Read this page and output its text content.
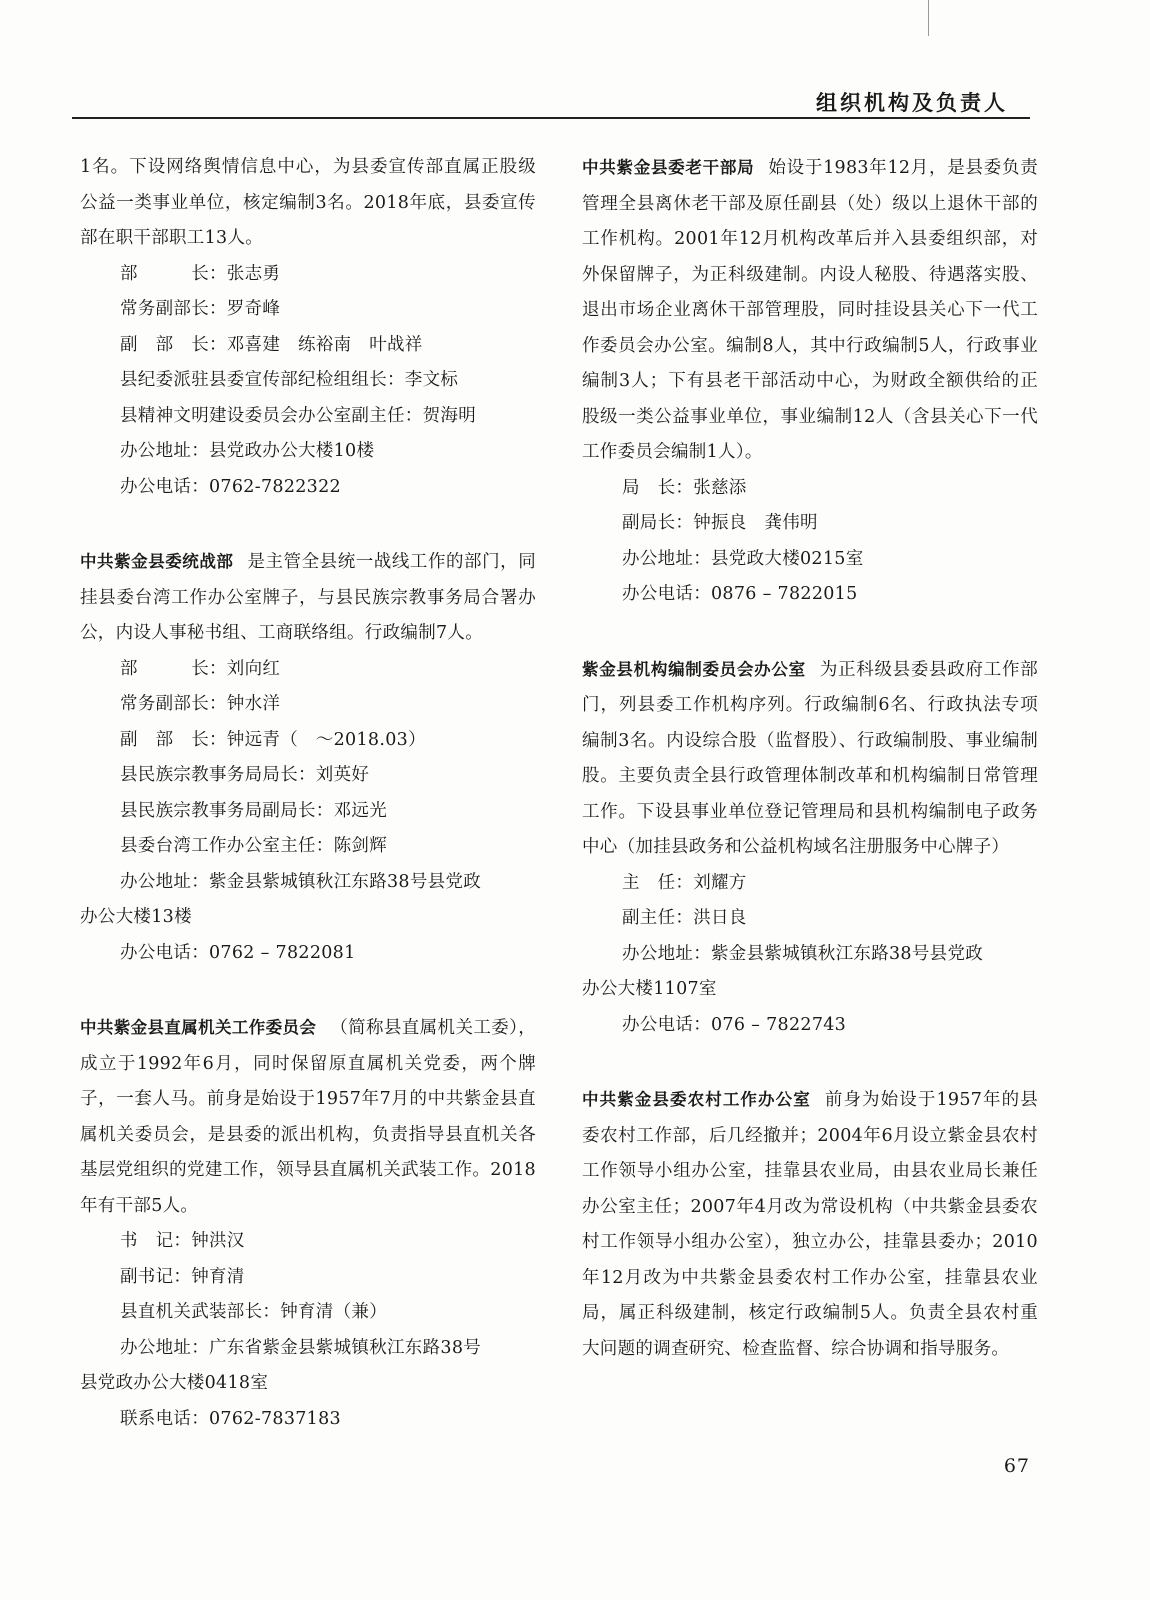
组织机构及负责人

1名。下设网络舆情信息中心，为县委宣传部直属正股级公益一类事业单位，核定编制3名。2018年底，县委宣传部在职干部职工13人。

部　　　长：张志勇

常务副部长：罗奇峰

副　部　长：邓喜建　练裕南　叶战祥

县纪委派驻县委宣传部纪检组组长：李文标

县精神文明建设委员会办公室副主任：贺海明

办公地址：县党政办公大楼10楼

办公电话：0762-7822322

中共紫金县委统战部 是主管全县统一战线工作的部门，同挂县委台湾工作办公室牌子，与县民族宗教事务局合署办公，内设人事秘书组、工商联络组。行政编制7人。

部　　　长：刘向红

常务副部长：钟水洋

副　部　长：钟远青（　～2018.03）

县民族宗教事务局局长：刘英好

县民族宗教事务局副局长：邓远光

县委台湾工作办公室主任：陈剑辉

办公地址：紫金县紫城镇秋江东路38号县党政

办公大楼13楼

办公电话：0762 – 7822081

中共紫金县直属机关工作委员会 （简称县直属机关工委），成立于1992年6月，同时保留原直属机关党委，两个牌子，一套人马。前身是始设于1957年7月的中共紫金县直属机关委员会，是县委的派出机构，负责指导县直机关各基层党组织的党建工作，领导县直属机关武装工作。2018年有干部5人。

书　记：钟洪汉

副书记：钟育清

县直机关武装部长：钟育清（兼）

办公地址：广东省紫金县紫城镇秋江东路38号

县党政办公大楼0418室

联系电话：0762-7837183

中共紫金县委老干部局 始设于1983年12月，是县委负责管理全县离休老干部及原任副县（处）级以上退休干部的工作机构。2001年12月机构改革后并入县委组织部，对外保留牌子，为正科级建制。内设人秘股、待遇落实股、退出市场企业离休干部管理股，同时挂设县关心下一代工作委员会办公室。编制8人，其中行政编制5人，行政事业编制3人；下有县老干部活动中心，为财政全额供给的正股级一类公益事业单位，事业编制12人（含县关心下一代工作委员会编制1人）。

局　长：张慈添

副局长：钟振良　龚伟明

办公地址：县党政大楼0215室

办公电话：0876 – 7822015

紫金县机构编制委员会办公室 为正科级县委县政府工作部门，列县委工作机构序列。行政编制6名、行政执法专项编制3名。内设综合股（监督股）、行政编制股、事业编制股。主要负责全县行政管理体制改革和机构编制日常管理工作。下设县事业单位登记管理局和县机构编制电子政务中心（加挂县政务和公益机构域名注册服务中心牌子）

主　任：刘耀方

副主任：洪日良

办公地址：紫金县紫城镇秋江东路38号县党政

办公大楼1107室

办公电话：076 – 7822743

中共紫金县委农村工作办公室 前身为始设于1957年的县委农村工作部，后几经撤并；2004年6月设立紫金县农村工作领导小组办公室，挂靠县农业局，由县农业局长兼任办公室主任；2007年4月改为常设机构（中共紫金县委农村工作领导小组办公室），独立办公，挂靠县委办；2010年12月改为中共紫金县委农村工作办公室，挂靠县农业局，属正科级建制，核定行政编制5人。负责全县农村重大问题的调查研究、检查监督、综合协调和指导服务。

67
